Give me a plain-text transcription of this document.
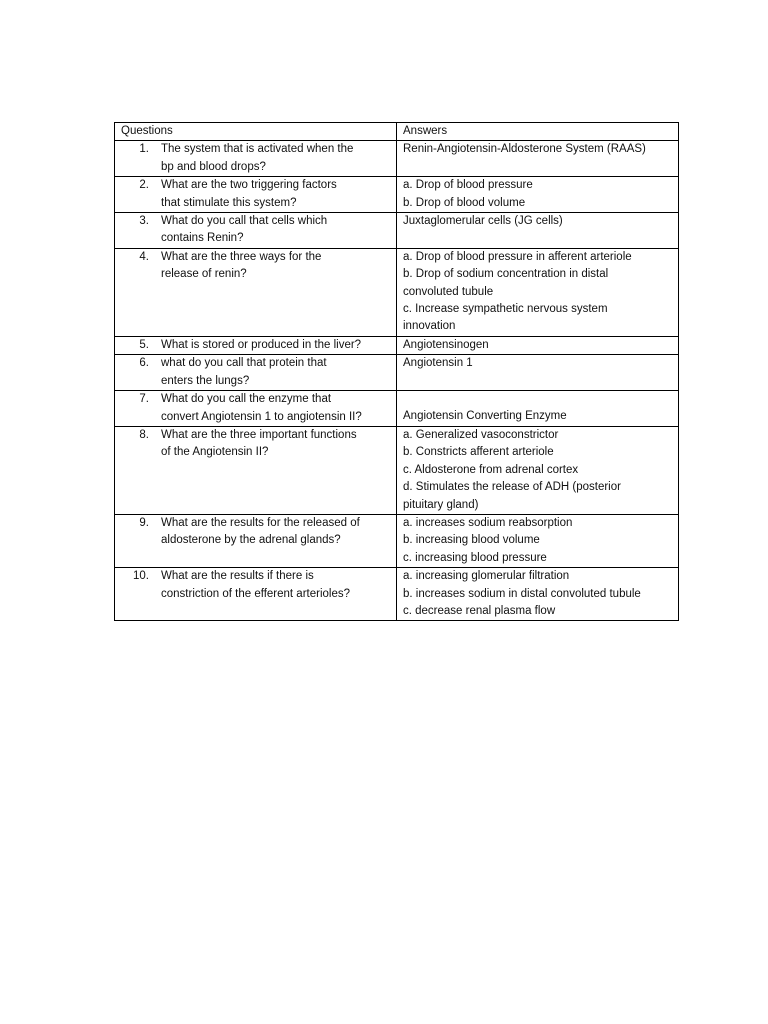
Questions	Answers

1. The system that is activated when the
bp and blood drops?	Renin-Angiotensin-Aldosterone System (RAAS)

2. What are the two triggering factors
that stimulate this system?	a. Drop of blood pressure
b. Drop of blood volume

3. What do you call that cells which
contains Renin?	Juxtaglomerular cells (JG cells)

4. What are the three ways for the
release of renin?	a. Drop of blood pressure in afferent arteriole
b. Drop of sodium concentration in distal
convoluted tubule
c. Increase sympathetic nervous system
innovation

5. What is stored or produced in the liver?	Angiotensinogen

6. what do you call that protein that
enters the lungs?	Angiotensin 1

7. What do you call the enzyme that
convert Angiotensin 1 to angiotensin II?	Angiotensin Converting Enzyme

8. What are the three important functions
of the Angiotensin II?	a. Generalized vasoconstrictor
b. Constricts afferent arteriole
c. Aldosterone from adrenal cortex
d. Stimulates the release of ADH (posterior
pituitary gland)

9. What are the results for the released of
aldosterone by the adrenal glands?	a. increases sodium reabsorption
b. increasing blood volume
c. increasing blood pressure

10. What are the results if there is
constriction of the efferent arterioles?	a. increasing glomerular filtration
b. increases sodium in distal convoluted tubule
c. decrease renal plasma flow
